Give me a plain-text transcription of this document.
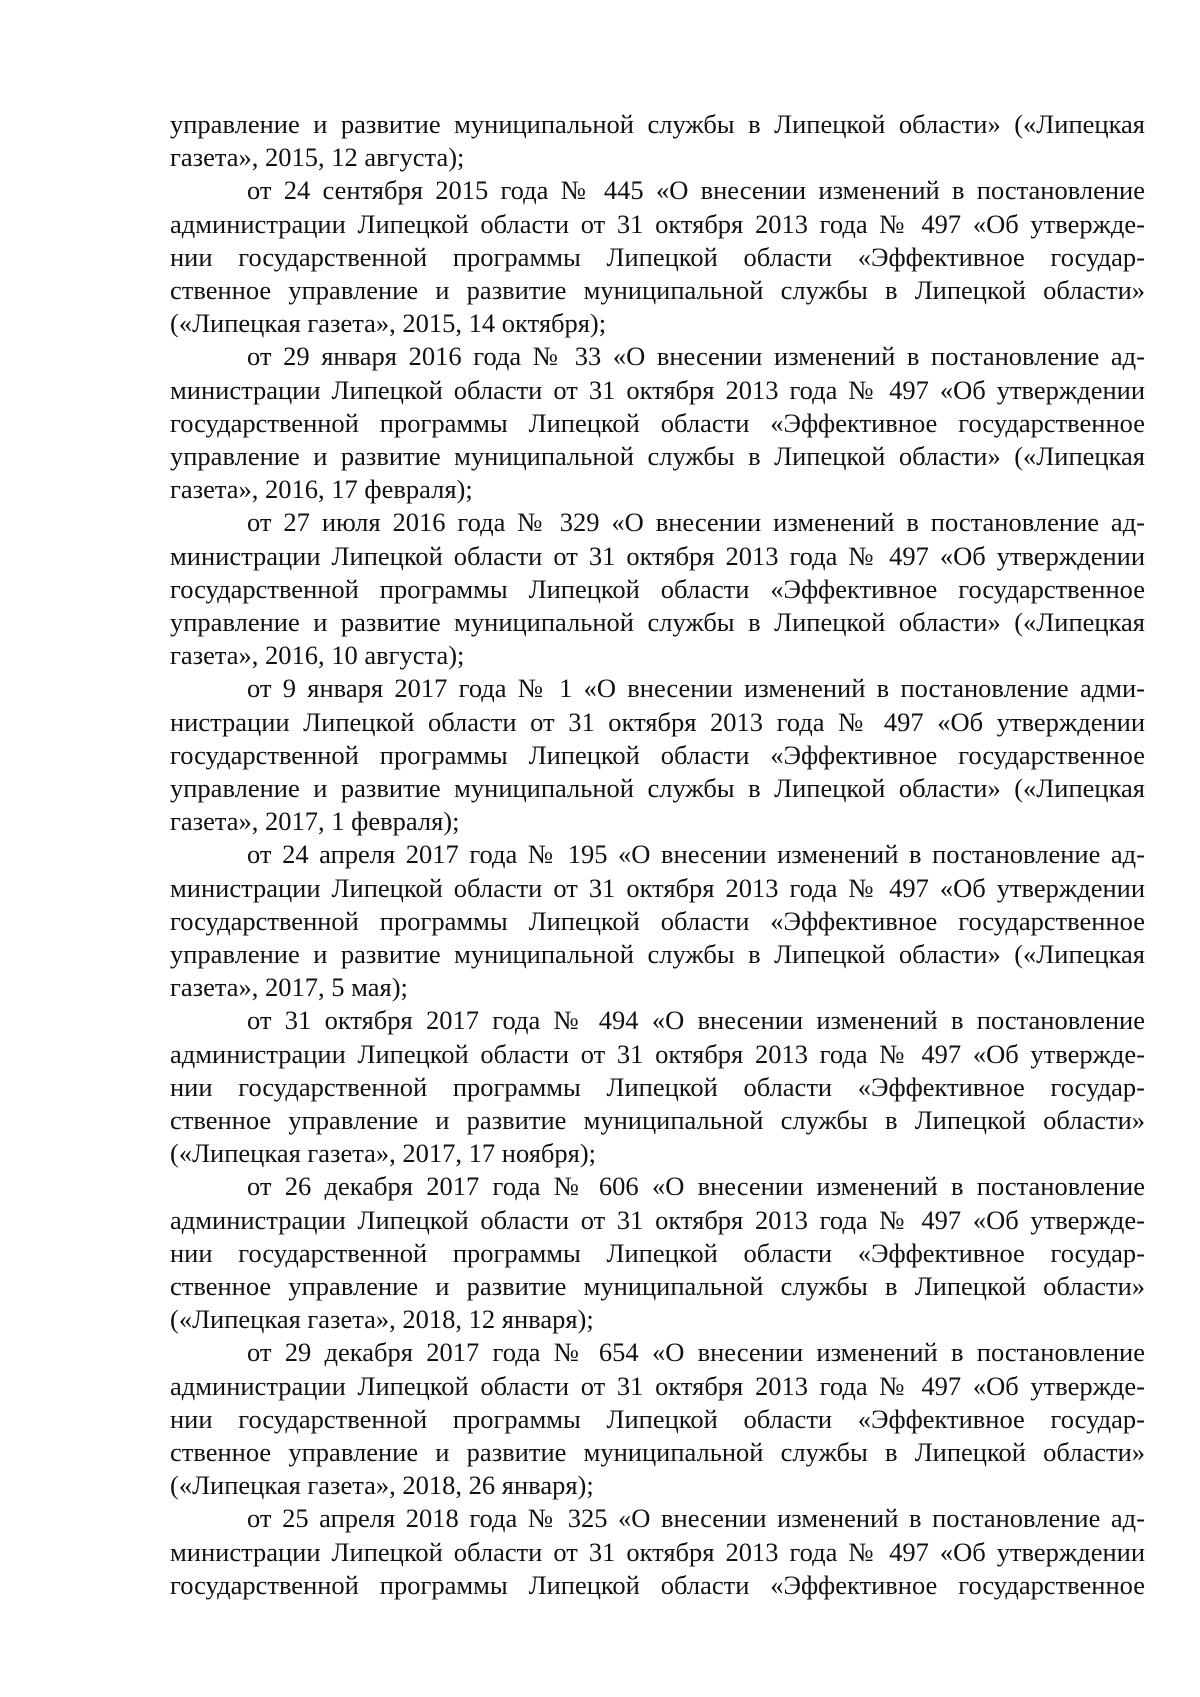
управление и развитие муниципальной службы в Липецкой области» («Липецкая
газета», 2015, 12 августа);
от 24 сентября 2015 года № 445 «О внесении изменений в постановление
администрации Липецкой области от 31 октября 2013 года № 497 «Об утвержде-
нии государственной программы Липецкой области «Эффективное государ-
ственное управление и развитие муниципальной службы в Липецкой области»
(«Липецкая газета», 2015, 14 октября);
от 29 января 2016 года № 33 «О внесении изменений в постановление ад-
министрации Липецкой области от 31 октября 2013 года № 497 «Об утверждении
государственной программы Липецкой области «Эффективное государственное
управление и развитие муниципальной службы в Липецкой области» («Липецкая
газета», 2016, 17 февраля);
от 27 июля 2016 года № 329 «О внесении изменений в постановление ад-
министрации Липецкой области от 31 октября 2013 года № 497 «Об утверждении
государственной программы Липецкой области «Эффективное государственное
управление и развитие муниципальной службы в Липецкой области» («Липецкая
газета», 2016, 10 августа);
от 9 января 2017 года № 1 «О внесении изменений в постановление адми-
нистрации Липецкой области от 31 октября 2013 года № 497 «Об утверждении
государственной программы Липецкой области «Эффективное государственное
управление и развитие муниципальной службы в Липецкой области» («Липецкая
газета», 2017, 1 февраля);
от 24 апреля 2017 года № 195 «О внесении изменений в постановление ад-
министрации Липецкой области от 31 октября 2013 года № 497 «Об утверждении
государственной программы Липецкой области «Эффективное государственное
управление и развитие муниципальной службы в Липецкой области» («Липецкая
газета», 2017, 5 мая);
от 31 октября 2017 года № 494 «О внесении изменений в постановление
администрации Липецкой области от 31 октября 2013 года № 497 «Об утвержде-
нии государственной программы Липецкой области «Эффективное государ-
ственное управление и развитие муниципальной службы в Липецкой области»
(«Липецкая газета», 2017, 17 ноября);
от 26 декабря 2017 года № 606 «О внесении изменений в постановление
администрации Липецкой области от 31 октября 2013 года № 497 «Об утвержде-
нии государственной программы Липецкой области «Эффективное государ-
ственное управление и развитие муниципальной службы в Липецкой области»
(«Липецкая газета», 2018, 12 января);
от 29 декабря 2017 года № 654 «О внесении изменений в постановление
администрации Липецкой области от 31 октября 2013 года № 497 «Об утвержде-
нии государственной программы Липецкой области «Эффективное государ-
ственное управление и развитие муниципальной службы в Липецкой области»
(«Липецкая газета», 2018, 26 января);
от 25 апреля 2018 года № 325 «О внесении изменений в постановление ад-
министрации Липецкой области от 31 октября 2013 года № 497 «Об утверждении
государственной программы Липецкой области «Эффективное государственное
